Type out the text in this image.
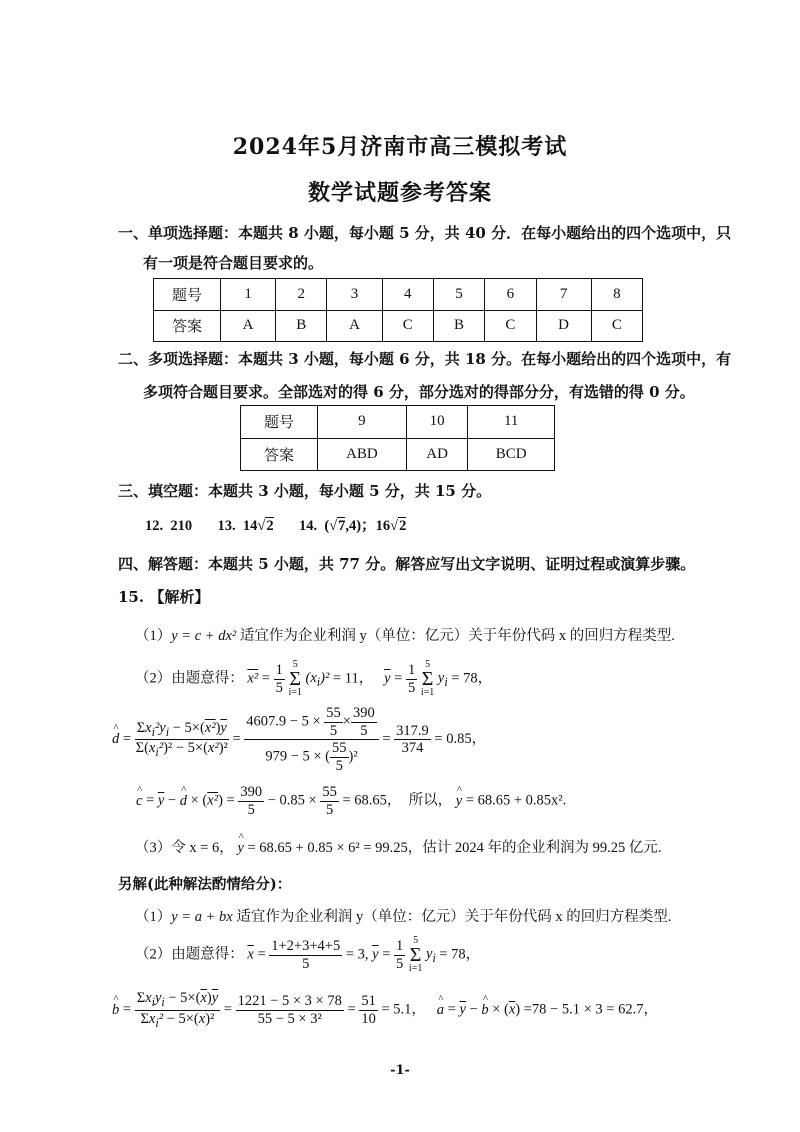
2024年5月济南市高三模拟考试
数学试题参考答案
一、单项选择题：本题共 8 小题，每小题 5 分，共 40 分．在每小题给出的四个选项中，只
有一项是符合题目要求的。
题号	1	2	3	4	5	6	7	8
答案	A	B	A	C	B	C	D	C
二、多项选择题：本题共 3 小题，每小题 6 分，共 18 分。在每小题给出的四个选项中，有
多项符合题目要求。全部选对的得 6 分，部分选对的得部分分，有选错的得 0 分。
题号	9	10	11
答案	ABD	AD	BCD
三、填空题：本题共 3 小题，每小题 5 分，共 15 分。
12. 210 13. 14√2 14. (√7,4)；16√2
四、解答题：本题共 5 小题，共 77 分。解答应写出文字说明、证明过程或演算步骤。
15. 【解析】
（1）y = c + dx² 适宜作为企业利润 y（单位：亿元）关于年份代码 x 的回归方程类型.
（2）由题意得： $x^2 = \frac{1}{5} 5$
Σ
i=1 $(x_i)^2 = 11$， $\overline{y} = \frac{1}{5} 5$
Σ
i=1 $y_i = 78$，
^ $d = \frac{\Sigma x_i^2y_i - 5\times(x^2)\overline{y}}{\Sigma(x_i^2)^2 - 5\times(x^2)^2} = \frac{4607.9 - 5 \times \frac{55}{5} \times \frac{390}{5}}{979 - 5 \times ( \frac{55}{5} )^2} = \frac{317.9}{374} = 0.85$，
^ $c = \overline{y}$ − ^ $d \times (x^2) = \frac{390}{5} - 0.85 \times \frac{55}{5} = 68.65$，　所以， ^ y = 68.65 + 0.85x².
（3）令 x = 6， ^ y = 68.65 + 0.85 × 6² = 99.25，估计 2024 年的企业利润为 99.25 亿元.
另解(此种解法酌情给分)：
（1）y = a + bx 适宜作为企业利润 y（单位：亿元）关于年份代码 x 的回归方程类型.
（2）由题意得： $\overline{x} = \frac{1+2+3+4+5}{5} = 3$, $\overline{y} = \frac{1}{5} 5$
Σ
i=1 $y_i = 78$，
^ $b = \frac{\Sigma x_iy_i - 5\times(\overline{x})\overline{y}}{\Sigma x_i^2 - 5\times(\overline{x})^2} = \frac{1221 - 5 \times 3 \times 78}{\text{55 − 5 × 3²}} = \frac{51}{10} = 5.1$， ^ $a = \overline{y}$ − ^ $b \times (\overline{x}) =78 - 5.1 \times 3 = 62.7$，
-1-
